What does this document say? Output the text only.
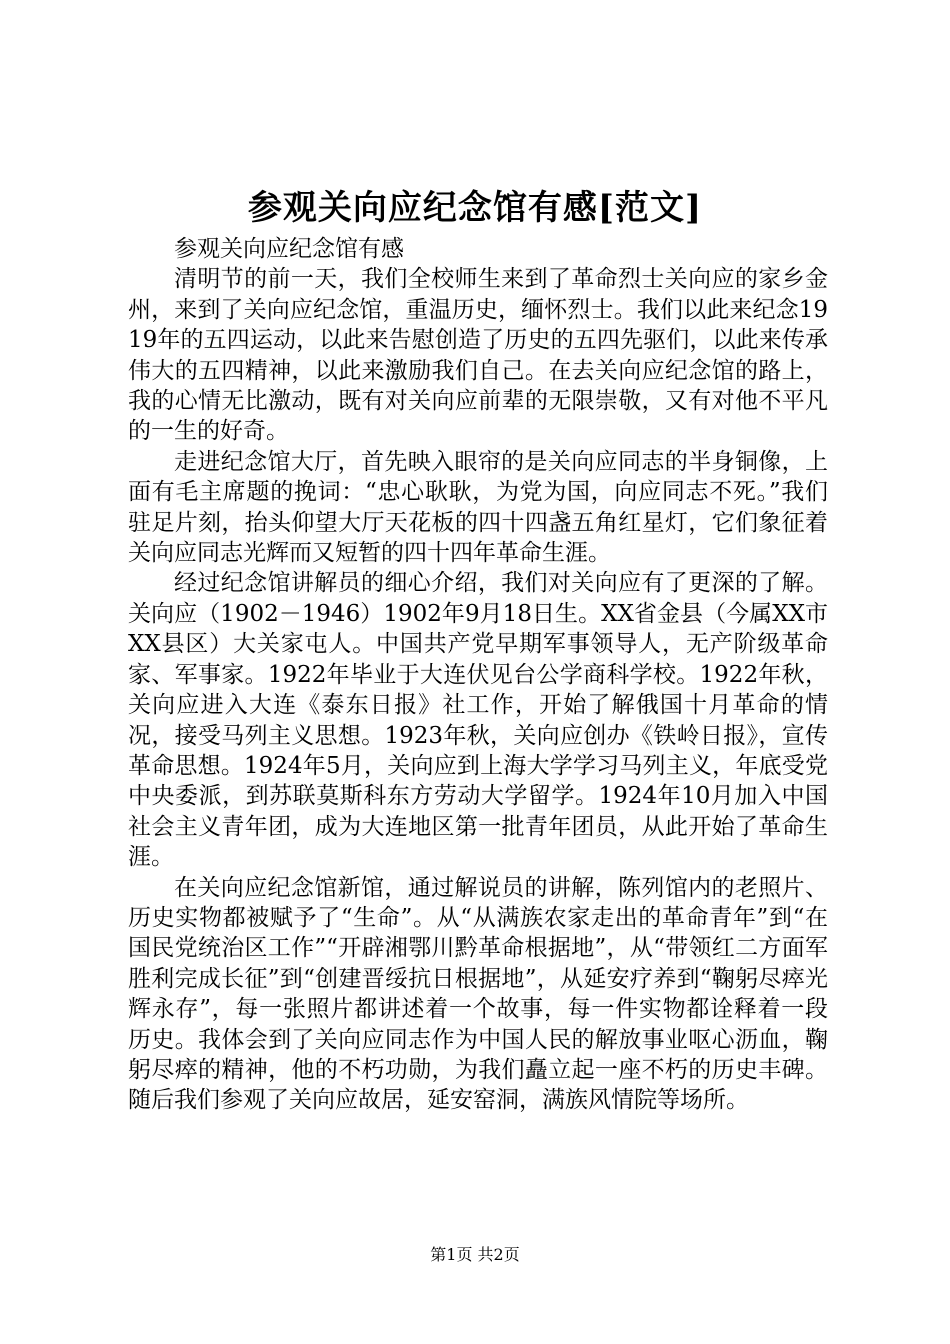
参观关向应纪念馆有感[范文]

参观关向应纪念馆有感

清明节的前一天，我们全校师生来到了革命烈士关向应的家乡金州，来到了关向应纪念馆，重温历史，缅怀烈士。我们以此来纪念1919年的五四运动，以此来告慰创造了历史的五四先驱们，以此来传承伟大的五四精神，以此来激励我们自己。在去关向应纪念馆的路上，我的心情无比激动，既有对关向应前辈的无限崇敬，又有对他不平凡的一生的好奇。

走进纪念馆大厅，首先映入眼帘的是关向应同志的半身铜像，上面有毛主席题的挽词：“忠心耿耿，为党为国，向应同志不死。”我们驻足片刻，抬头仰望大厅天花板的四十四盏五角红星灯，它们象征着关向应同志光辉而又短暂的四十四年革命生涯。

经过纪念馆讲解员的细心介绍，我们对关向应有了更深的了解。关向应（1902－1946）1902年9月18日生。XX省金县（今属XX市XX县区）大关家屯人。中国共产党早期军事领导人，无产阶级革命家、军事家。1922年毕业于大连伏见台公学商科学校。1922年秋，关向应进入大连《泰东日报》社工作，开始了解俄国十月革命的情况，接受马列主义思想。1923年秋，关向应创办《铁岭日报》，宣传革命思想。1924年5月，关向应到上海大学学习马列主义，年底受党中央委派，到苏联莫斯科东方劳动大学留学。1924年10月加入中国社会主义青年团，成为大连地区第一批青年团员，从此开始了革命生涯。

在关向应纪念馆新馆，通过解说员的讲解，陈列馆内的老照片、历史实物都被赋予了“生命”。从“从满族农家走出的革命青年”到“在国民党统治区工作”“开辟湘鄂川黔革命根据地”，从“带领红二方面军胜利完成长征”到“创建晋绥抗日根据地”，从延安疗养到“鞠躬尽瘁光辉永存”，每一张照片都讲述着一个故事，每一件实物都诠释着一段历史。我体会到了关向应同志作为中国人民的解放事业呕心沥血，鞠躬尽瘁的精神，他的不朽功勋，为我们矗立起一座不朽的历史丰碑。随后我们参观了关向应故居，延安窑洞，满族风情院等场所。

第1页 共2页
